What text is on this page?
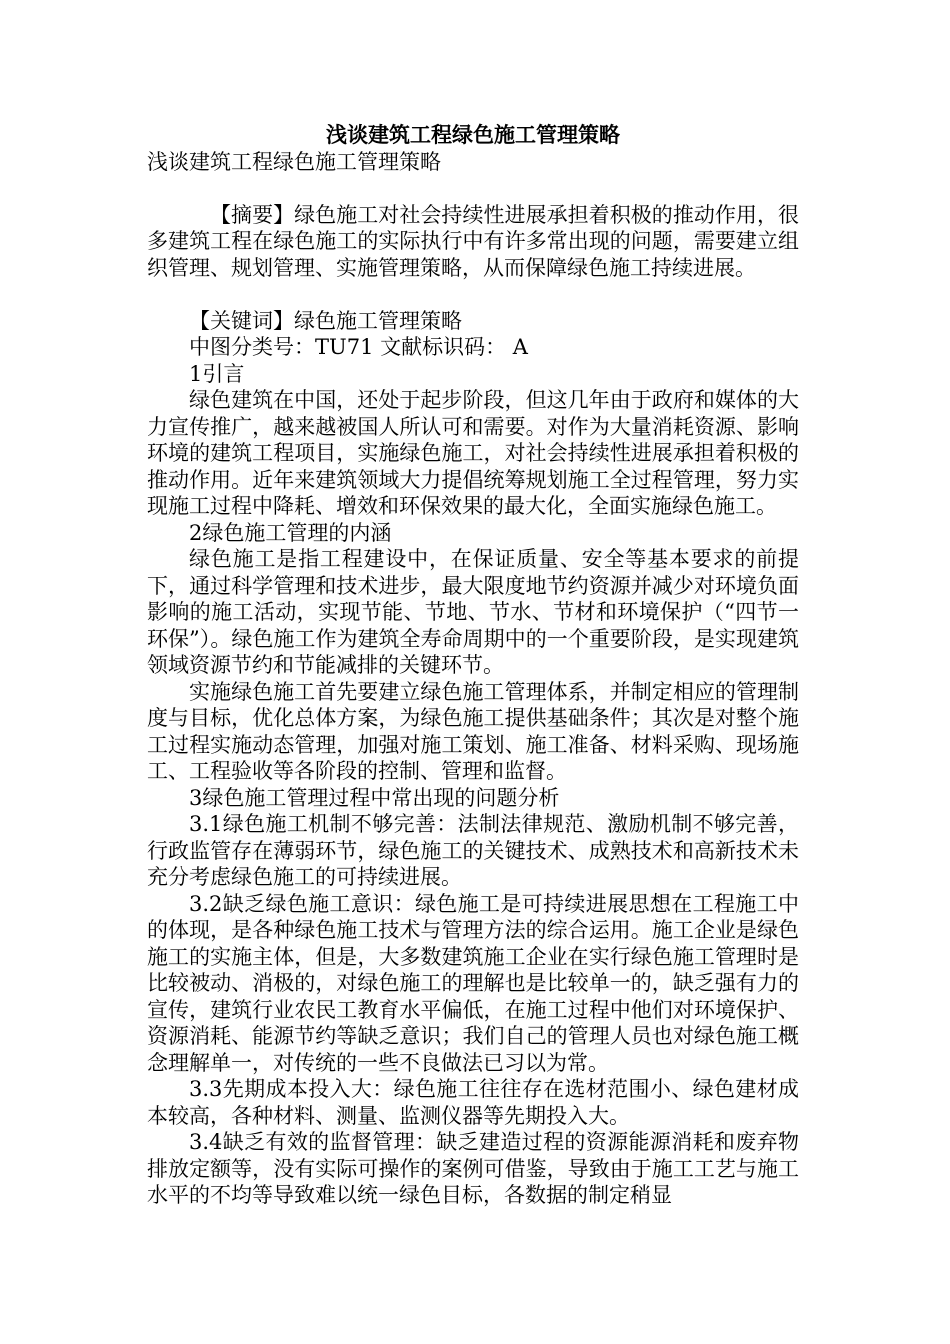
浅谈建筑工程绿色施工管理策略

浅谈建筑工程绿色施工管理策略

【摘要】绿色施工对社会持续性进展承担着积极的推动作用，很多建筑工程在绿色施工的实际执行中有许多常出现的问题，需要建立组织管理、规划管理、实施管理策略，从而保障绿色施工持续进展。

【关键词】绿色施工管理策略

中图分类号：TU71 文献标识码： A

1引言

绿色建筑在中国，还处于起步阶段，但这几年由于政府和媒体的大力宣传推广，越来越被国人所认可和需要。对作为大量消耗资源、影响环境的建筑工程项目，实施绿色施工，对社会持续性进展承担着积极的推动作用。近年来建筑领域大力提倡统筹规划施工全过程管理，努力实现施工过程中降耗、增效和环保效果的最大化，全面实施绿色施工。

2绿色施工管理的内涵

绿色施工是指工程建设中，在保证质量、安全等基本要求的前提下，通过科学管理和技术进步，最大限度地节约资源并减少对环境负面影响的施工活动，实现节能、节地、节水、节材和环境保护（“四节一环保”）。绿色施工作为建筑全寿命周期中的一个重要阶段，是实现建筑领域资源节约和节能减排的关键环节。

实施绿色施工首先要建立绿色施工管理体系，并制定相应的管理制度与目标，优化总体方案，为绿色施工提供基础条件；其次是对整个施工过程实施动态管理，加强对施工策划、施工准备、材料采购、现场施工、工程验收等各阶段的控制、管理和监督。

3绿色施工管理过程中常出现的问题分析

3.1绿色施工机制不够完善：法制法律规范、激励机制不够完善，行政监管存在薄弱环节，绿色施工的关键技术、成熟技术和高新技术未充分考虑绿色施工的可持续进展。

3.2缺乏绿色施工意识：绿色施工是可持续进展思想在工程施工中的体现，是各种绿色施工技术与管理方法的综合运用。施工企业是绿色施工的实施主体，但是，大多数建筑施工企业在实行绿色施工管理时是比较被动、消极的，对绿色施工的理解也是比较单一的，缺乏强有力的宣传，建筑行业农民工教育水平偏低，在施工过程中他们对环境保护、资源消耗、能源节约等缺乏意识；我们自己的管理人员也对绿色施工概念理解单一，对传统的一些不良做法已习以为常。

3.3先期成本投入大：绿色施工往往存在选材范围小、绿色建材成本较高，各种材料、测量、监测仪器等先期投入大。

3.4缺乏有效的监督管理：缺乏建造过程的资源能源消耗和废弃物排放定额等，没有实际可操作的案例可借鉴，导致由于施工工艺与施工水平的不均等导致难以统一绿色目标，各数据的制定稍显
